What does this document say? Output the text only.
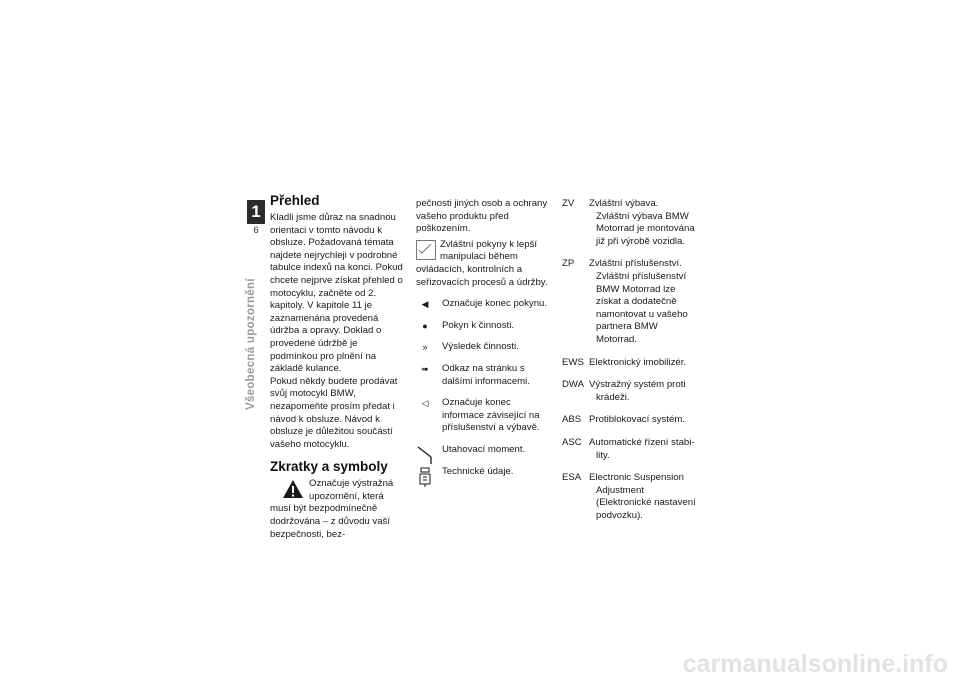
1
6
Všeobecná upozornění
Přehled

Kladli jsme důraz na snadnou orientaci v tomto návodu k obsluze. Požadovaná témata najdete nejrychleji v podrobné tabulce indexů na konci. Pokud chcete nejprve získat přehled o motocyklu, začněte od 2. kapitoly. V kapitole 11 je zaznamenána provedená údržba a opravy. Doklad o provedené údržbě je podmínkou pro plnění na základě kulance.

Pokud někdy budete prodávat svůj motocykl BMW, nezapomeňte prosím předat i návod k obsluze. Návod k obsluze je důležitou součástí vašeho motocyklu.

Zkratky a symboly

Označuje výstražná upozornění, která musí být bezpodmínečně dodržována – z důvodu vaší bezpečnosti, bez-

pečnosti jiných osob a ochrany vašeho produktu před poškozením.

Zvláštní pokyny k lepší manipulaci během ovládacích, kontrolních a seřizovacích procesů a údržby.

◀	Označuje konec pokynu.
●	Pokyn k činnosti.
»	Výsledek činnosti.
➠	Odkaz na stránku s dalšími informacemi.
◁	Označuje konec informace závisející na příslušenství a výbavě.
Utahovací moment.
Technické údaje.
ZV Zvláštní výbava.
Zvláštní výbava BMW Motorrad je montována již při výrobě vozidla.
ZP Zvláštní příslušenství.
Zvláštní příslušenství BMW Motorrad lze získat a dodatečně namontovat u vašeho partnera BMW Motorrad.
EWS Elektronický imobilizér.
DWA Výstražný systém proti
krádeži.
ABS Protiblokovací systém.
ASC Automatické řízení stabi-
lity.
ESA Electronic Suspension
Adjustment (Elektronické nastavení podvozku).
carmanualsonline.info
